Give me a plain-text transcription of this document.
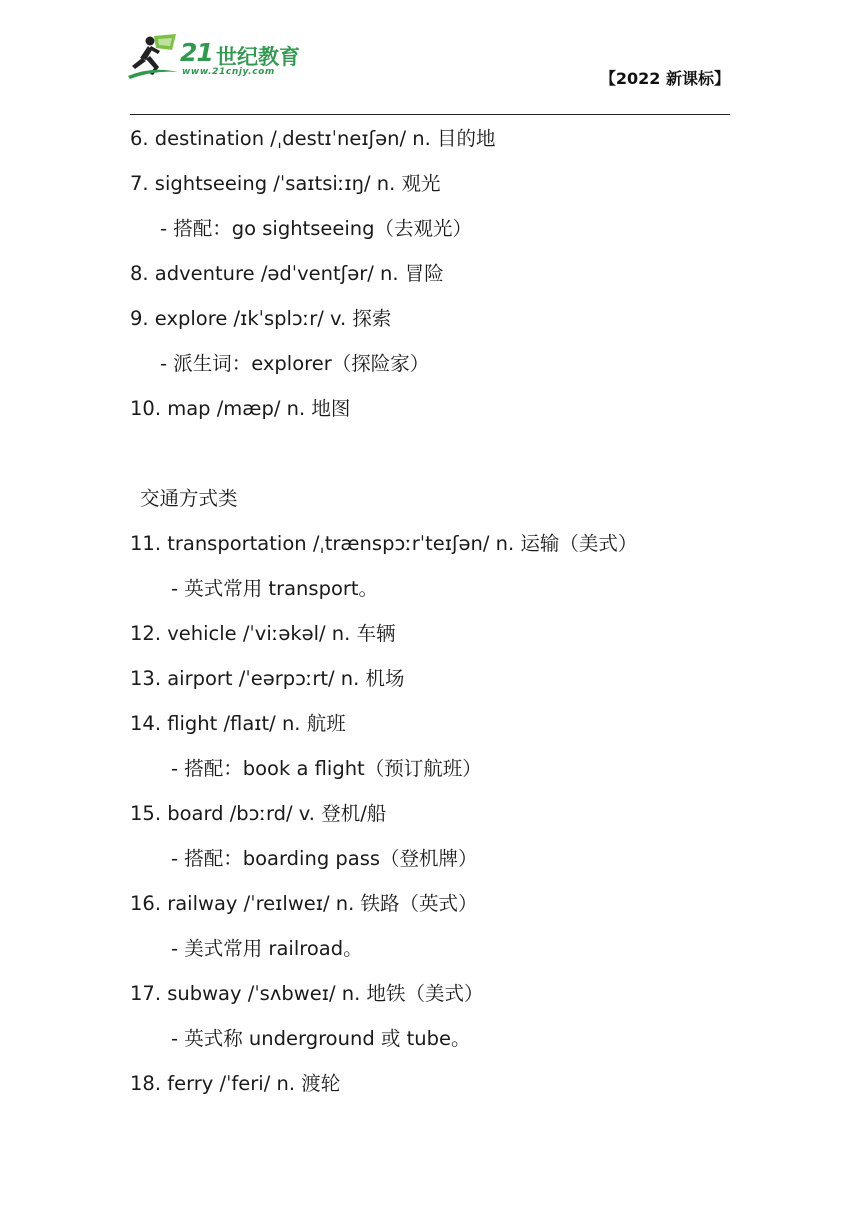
21 世纪教育
www.21cnjy.com	【2022 新课标】
6. destination /ˌdestɪˈneɪʃən/ n. 目的地
7. sightseeing /ˈsaɪtsiːɪŋ/ n. 观光
- 搭配：go sightseeing（去观光）
8. adventure /ədˈventʃər/ n. 冒险
9. explore /ɪkˈsplɔːr/ v. 探索
- 派生词：explorer（探险家）
10. map /mæp/ n. 地图
交通方式类
11. transportation /ˌtrænspɔːrˈteɪʃən/ n. 运输（美式）
- 英式常用 transport。
12. vehicle /ˈviːəkəl/ n. 车辆
13. airport /ˈeərpɔːrt/ n. 机场
14. flight /flaɪt/ n. 航班
- 搭配：book a flight（预订航班）
15. board /bɔːrd/ v. 登机/船
- 搭配：boarding pass（登机牌）
16. railway /ˈreɪlweɪ/ n. 铁路（英式）
- 美式常用 railroad。
17. subway /ˈsʌbweɪ/ n. 地铁（美式）
- 英式称 underground 或 tube。
18. ferry /ˈferi/ n. 渡轮
